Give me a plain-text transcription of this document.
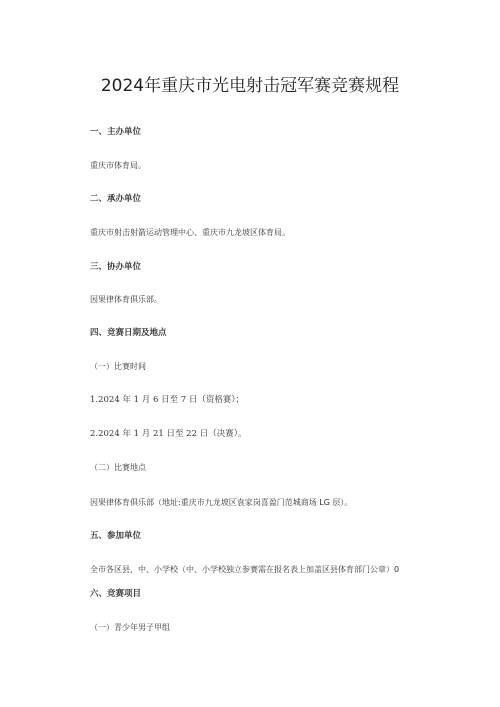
2024年重庆市光电射击冠军赛竞赛规程
一、主办单位
重庆市体育局。
二、承办单位
重庆市射击射箭运动管理中心、重庆市九龙坡区体育局。
三、协办单位
因果律体育俱乐部。
四、竞赛日期及地点
（一）比赛时间
1.2024 年 1 月 6 日至 7 日（资格赛）；
2.2024 年 1 月 21 日至 22 日（决赛）。
（二）比赛地点
因果律体育俱乐部（地址:重庆市九龙坡区袁家岗喜盈门范城商场 LG 层）。
五、参加单位
全市各区县，中、小学校（中、小学校独立参赛需在报名表上加盖区县体育部门公章）0
六、竞赛项目
（一）青少年男子甲组
